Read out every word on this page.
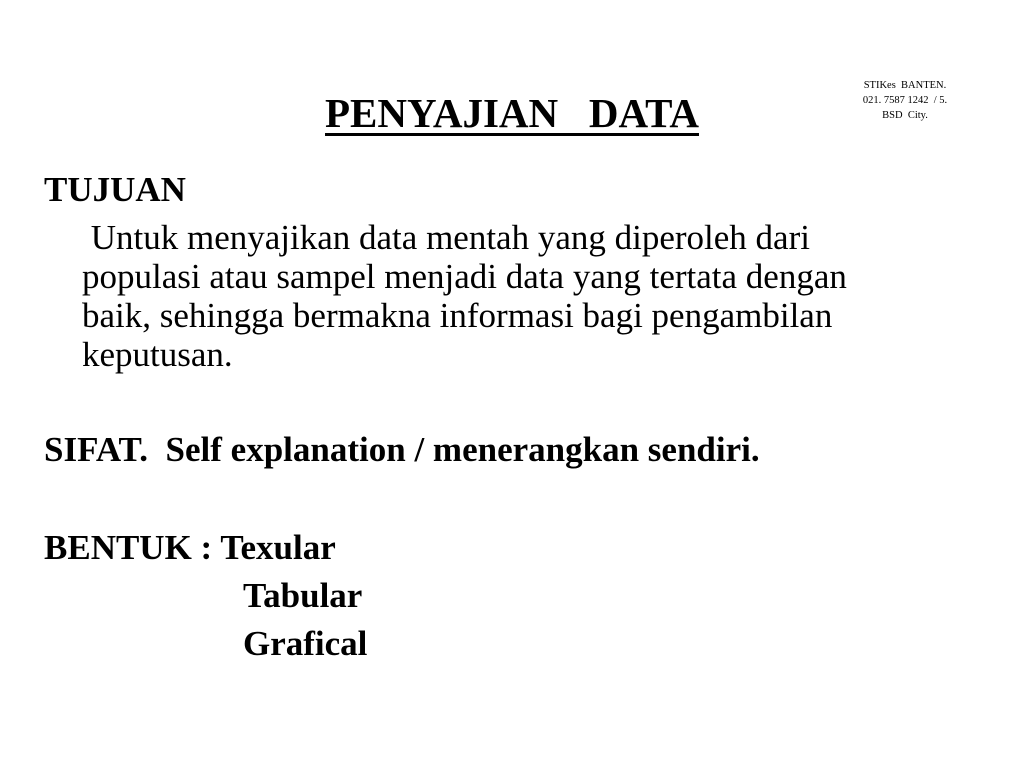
STIKes  BANTEN.
021. 7587 1242  / 5.
BSD  City.
PENYAJIAN   DATA
TUJUAN
Untuk menyajikan data mentah yang diperoleh dari
populasi atau sampel menjadi data yang tertata dengan
baik, sehingga bermakna informasi bagi pengambilan
keputusan.
SIFAT.  Self explanation / menerangkan sendiri.
BENTUK : Texular
Tabular
Grafical
